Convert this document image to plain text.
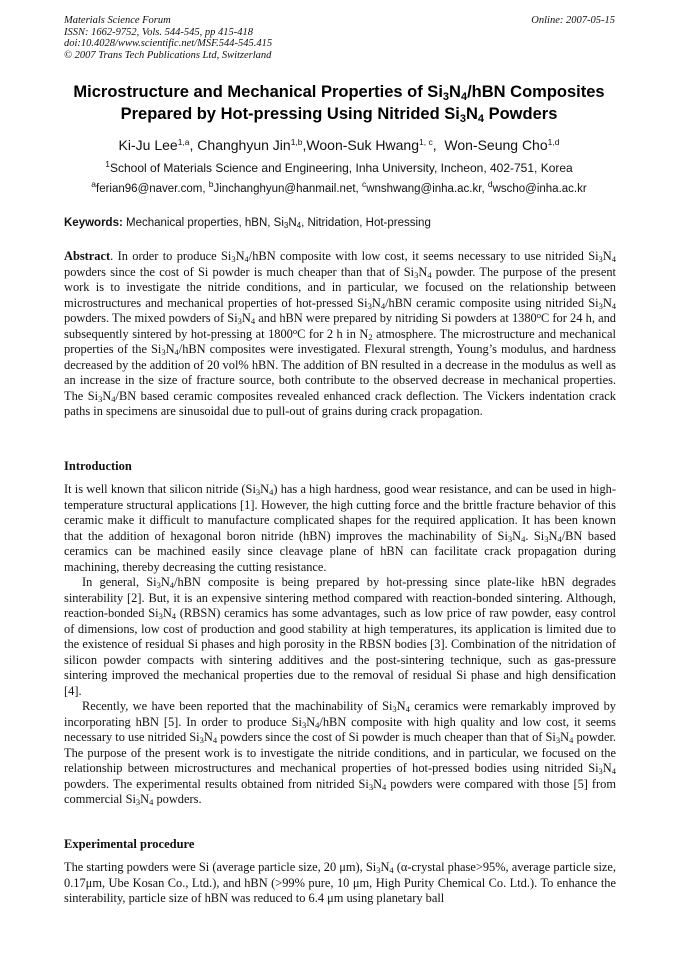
Materials Science Forum
ISSN: 1662-9752, Vols. 544-545, pp 415-418
doi:10.4028/www.scientific.net/MSF.544-545.415
© 2007 Trans Tech Publications Ltd, Switzerland
Online: 2007-05-15
Microstructure and Mechanical Properties of $Si_3N_4$/hBN Composites
Prepared by Hot-pressing Using Nitrided $Si_3N_4$ Powders
Ki-Ju Lee$^{1,a}$, Changhyun Jin$^{1,b}$,Woon-Suk Hwang$^{1, c}$,  Won-Seung Cho$^{1,d}$
$^1$School of Materials Science and Engineering, Inha University, Incheon, 402-751, Korea
$^a$ferian96@naver.com, $^b$Jinchanghyun@hanmail.net, $^c$wnshwang@inha.ac.kr, $^d$wscho@inha.ac.kr
Keywords: Mechanical properties, hBN, $Si_3N_4$, Nitridation, Hot-pressing

Abstract. In order to produce $Si_3N_4$/hBN composite with low cost, it seems necessary to use nitrided $Si_3N_4$ powders since the cost of Si powder is much cheaper than that of $Si_3N_4$ powder. The purpose of the present work is to investigate the nitride conditions, and in particular, we focused on the relationship between microstructures and mechanical properties of hot-pressed $Si_3N_4$/hBN ceramic composite using nitrided $Si_3N_4$ powders. The mixed powders of $Si_3N_4$ and hBN were prepared by nitriding Si powders at 1380$^o$C for 24 h, and subsequently sintered by hot-pressing at 1800$^o$C for 2 h in $N_2$ atmosphere. The microstructure and mechanical properties of the $Si_3N_4$/hBN composites were investigated. Flexural strength, Young’s modulus, and hardness decreased by the addition of 20 vol% hBN. The addition of BN resulted in a decrease in the modulus as well as an increase in the size of fracture source, both contribute to the observed decrease in mechanical properties. The $Si_3N_4/BN$ based ceramic composites revealed enhanced crack deflection. The Vickers indentation crack paths in specimens are sinusoidal due to pull-out of grains during crack propagation.

Introduction

It is well known that silicon nitride $(Si_3N_4)$ has a high hardness, good wear resistance, and can be used in high-temperature structural applications [1]. However, the high cutting force and the brittle fracture behavior of this ceramic make it difficult to manufacture complicated shapes for the required application. It has been known that the addition of hexagonal boron nitride (hBN) improves the machinability of $Si_3N_4$. $Si_3N_4/BN$ based ceramics can be machined easily since cleavage plane of hBN can facilitate crack propagation during machining, thereby decreasing the cutting resistance.

In general, $Si_3N_4$/hBN composite is being prepared by hot-pressing since plate-like hBN degrades sinterability [2]. But, it is an expensive sintering method compared with reaction-bonded sintering. Although, reaction-bonded $Si_3N_4$ (RBSN) ceramics has some advantages, such as low price of raw powder, easy control of dimensions, low cost of production and good stability at high temperatures, its application is limited due to the existence of residual Si phases and high porosity in the RBSN bodies [3]. Combination of the nitridation of silicon powder compacts with sintering additives and the post-sintering technique, such as gas-pressure sintering improved the mechanical properties due to the removal of residual Si phase and high densification [4].

Recently, we have been reported that the machinability of $Si_3N_4$ ceramics were remarkably improved by incorporating hBN [5]. In order to produce $Si_3N_4$/hBN composite with high quality and low cost, it seems necessary to use nitrided $Si_3N_4$ powders since the cost of Si powder is much cheaper than that of $Si_3N_4$ powder. The purpose of the present work is to investigate the nitride conditions, and in particular, we focused on the relationship between microstructures and mechanical properties of hot-pressed bodies using nitrided $Si_3N_4$ powders. The experimental results obtained from nitrided $Si_3N_4$ powders were compared with those [5] from commercial $Si_3N_4$ powders.

Experimental procedure

The starting powders were Si (average particle size, 20 μm), $Si_3N_4$ (α-crystal phase>95%, average particle size, 0.17μm, Ube Kosan Co., Ltd.), and hBN (>99% pure, 10 μm, High Purity Chemical Co. Ltd.). To enhance the sinterability, particle size of hBN was reduced to 6.4 μm using planetary ball
